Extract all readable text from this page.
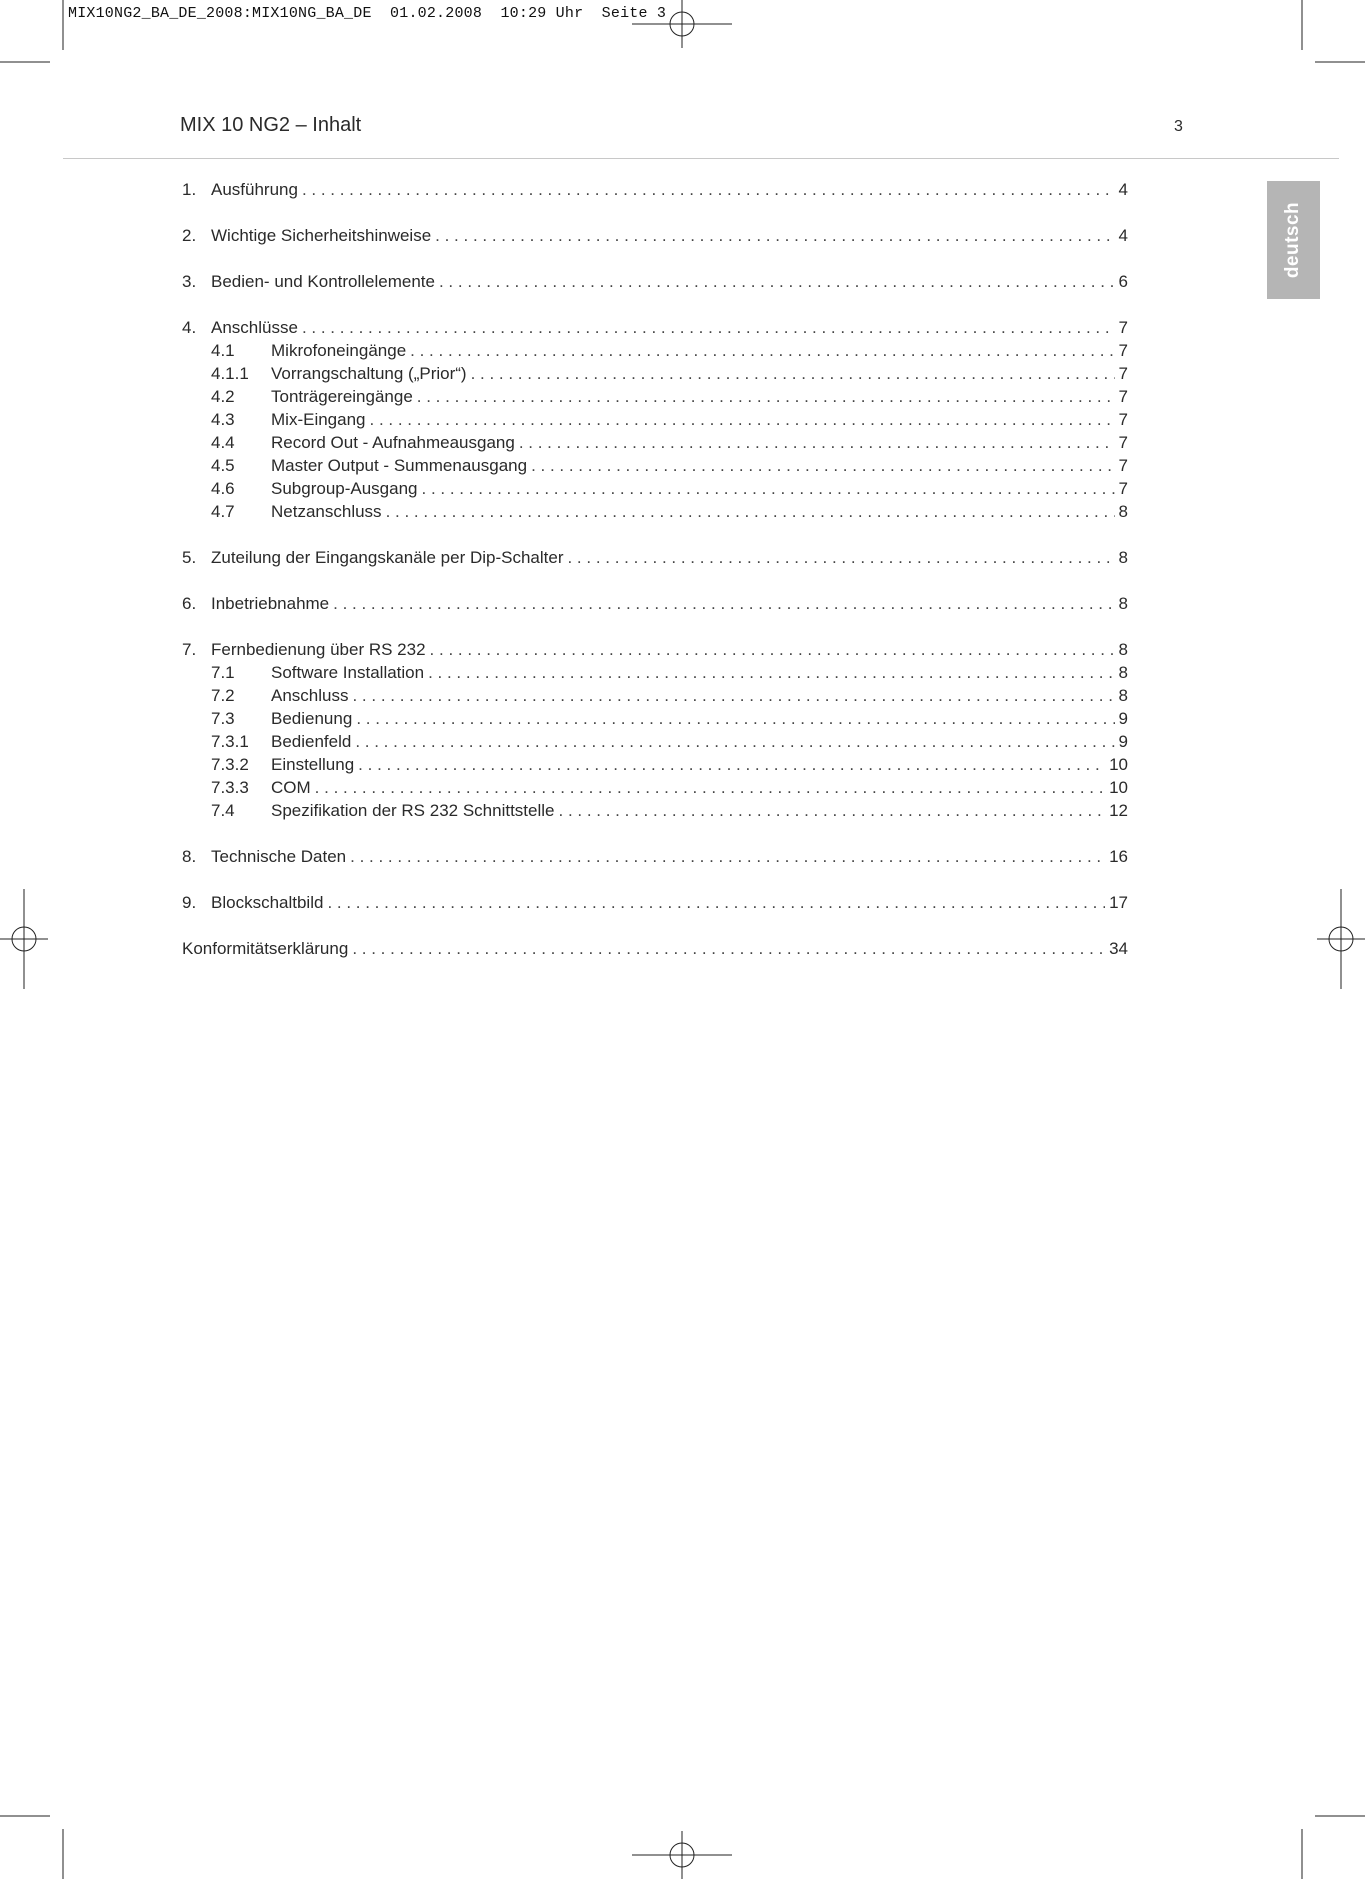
MIX10NG2_BA_DE_2008:MIX10NG_BA_DE  01.02.2008  10:29 Uhr  Seite 3
MIX 10 NG2 – Inhalt	3
deutsch
1. Ausführung . . .	4
2. Wichtige Sicherheitshinweise . . .	4
3. Bedien- und Kontrollelemente . . .	6
4. Anschlüsse . . .	7
4.1	Mikrofoneingänge . . .	7
4.1.1	Vorrangschaltung („Prior“) . . .	7
4.2	Tonträgereingänge . . .	7
4.3	Mix-Eingang . . .	7
4.4	Record Out - Aufnahmeausgang . . .	7
4.5	Master Output - Summenausgang . . .	7
4.6	Subgroup-Ausgang . . .	7
4.7	Netzanschluss . . .	8
5. Zuteilung der Eingangskanäle per Dip-Schalter . . .	8
6. Inbetriebnahme . . .	8
7. Fernbedienung über RS 232 . . .	8
7.1	Software Installation . . .	8
7.2	Anschluss . . .	8
7.3	Bedienung . . .	9
7.3.1	Bedienfeld . . .	9
7.3.2	Einstellung . . .	10
7.3.3	COM . . .	10
7.4	Spezifikation der RS 232 Schnittstelle . . .	12
8. Technische Daten . . .	16
9. Blockschaltbild . . .	17
Konformitätserklärung . . .	34
